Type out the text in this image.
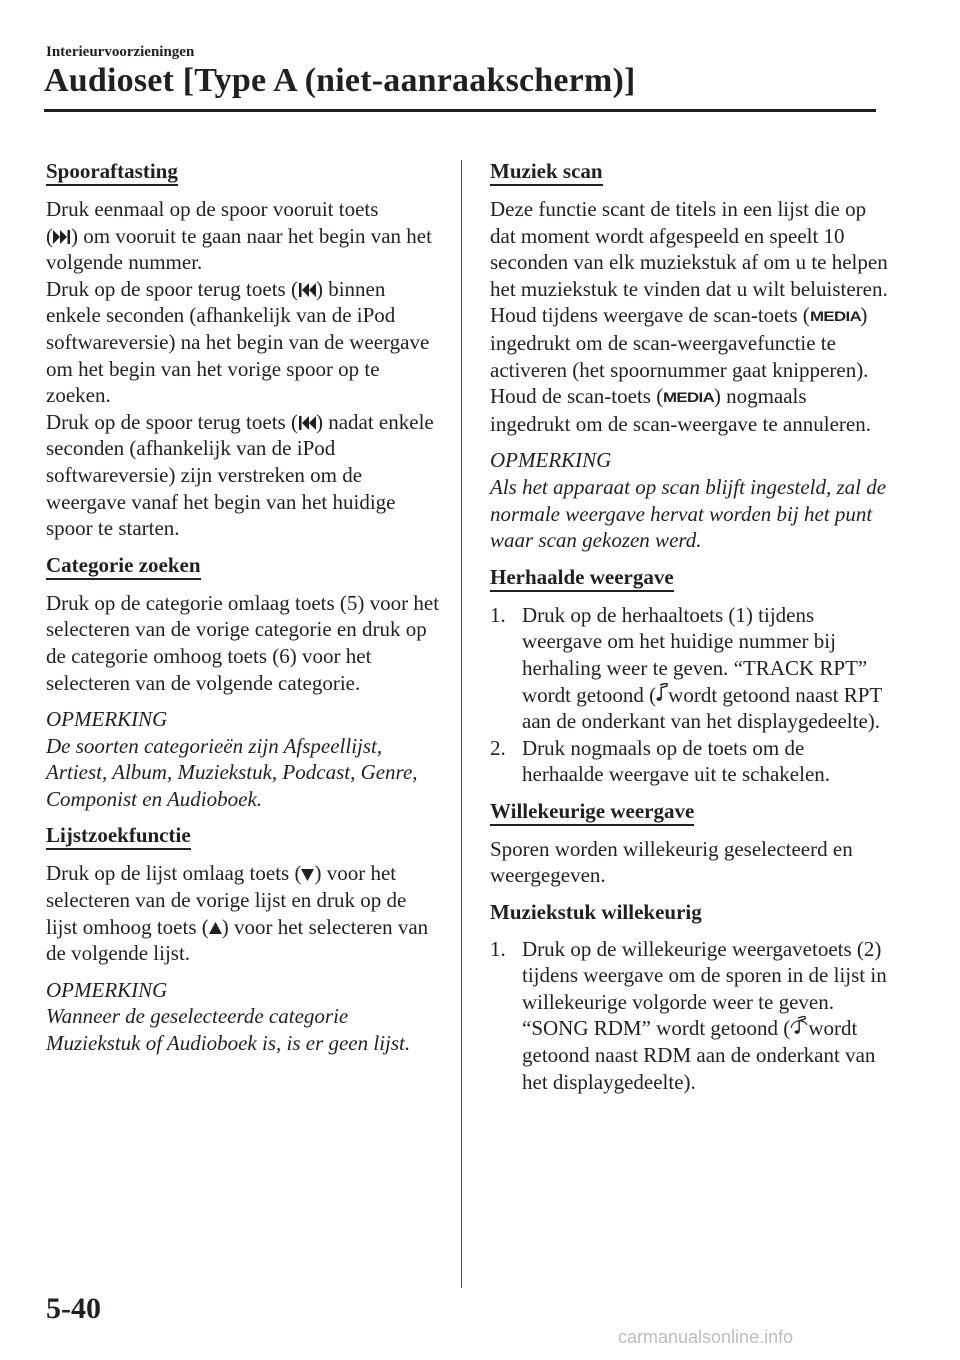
Interieurvoorzieningen
Audioset [Type A (niet-aanraakscherm)]
Spooraftasting

Druk eenmaal op de spoor vooruit toets
( ) om vooruit te gaan naar het begin van het volgende nummer.
Druk op de spoor terug toets ( ) binnen enkele seconden (afhankelijk van de iPod softwareversie) na het begin van de weergave om het begin van het vorige spoor op te zoeken.
Druk op de spoor terug toets ( ) nadat enkele seconden (afhankelijk van de iPod softwareversie) zijn verstreken om de weergave vanaf het begin van het huidige spoor te starten.

Categorie zoeken

Druk op de categorie omlaag toets (5) voor het selecteren van de vorige categorie en druk op de categorie omhoog toets (6) voor het selecteren van de volgende categorie.

OPMERKING

De soorten categorieën zijn Afspeellijst, Artiest, Album, Muziekstuk, Podcast, Genre, Componist en Audioboek.

Lijstzoekfunctie

Druk op de lijst omlaag toets ( ) voor het selecteren van de vorige lijst en druk op de lijst omhoog toets ( ) voor het selecteren van de volgende lijst.

OPMERKING

Wanneer de geselecteerde categorie Muziekstuk of Audioboek is, is er geen lijst.

Muziek scan

Deze functie scant de titels in een lijst die op dat moment wordt afgespeeld en speelt 10 seconden van elk muziekstuk af om u te helpen het muziekstuk te vinden dat u wilt beluisteren.

Houd tijdens weergave de scan-toets (MEDIA) ingedrukt om de scan-weergavefunctie te activeren (het spoornummer gaat knipperen). Houd de scan-toets (MEDIA) nogmaals ingedrukt om de scan-weergave te annuleren.

OPMERKING

Als het apparaat op scan blijft ingesteld, zal de normale weergave hervat worden bij het punt waar scan gekozen werd.

Herhaalde weergave
1. Druk op de herhaaltoets (1) tijdens weergave om het huidige nummer bij herhaling weer te geven. “TRACK RPT” wordt getoond ( wordt getoond naast RPT aan de onderkant van het displaygedeelte).
2. Druk nogmaals op de toets om de herhaalde weergave uit te schakelen.
Willekeurige weergave

Sporen worden willekeurig geselecteerd en weergegeven.

Muziekstuk willekeurig
1. Druk op de willekeurige weergavetoets (2) tijdens weergave om de sporen in de lijst in willekeurige volgorde weer te geven. “SONG RDM” wordt getoond ( wordt getoond naast RDM aan de onderkant van het displaygedeelte).
5-40
carmanualsonline.info
